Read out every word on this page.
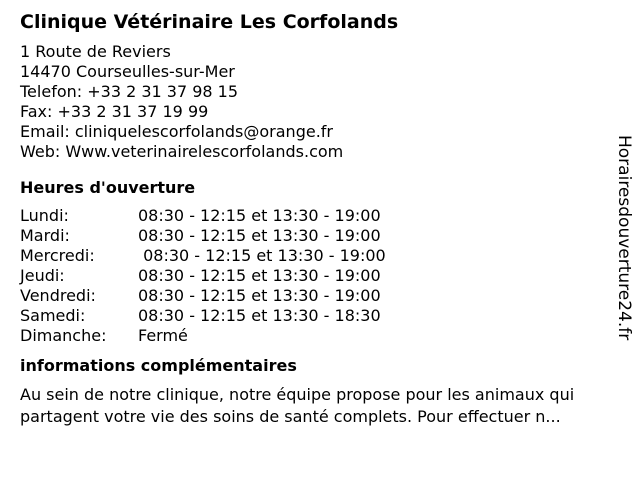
Clinique Vétérinaire Les Corfolands
1 Route de Reviers
14470 Courseulles-sur-Mer
Telefon: +33 2 31 37 98 15
Fax: +33 2 31 37 19 99
Email: cliniquelescorfolands@orange.fr
Web: Www.veterinairelescorfolands.com
Heures d'ouverture
Lundi:	08:30 - 12:15 et 13:30 - 19:00
Mardi:	08:30 - 12:15 et 13:30 - 19:00
Mercredi:	08:30 - 12:15 et 13:30 - 19:00
Jeudi:	08:30 - 12:15 et 13:30 - 19:00
Vendredi:	08:30 - 12:15 et 13:30 - 19:00
Samedi:	08:30 - 12:15 et 13:30 - 18:30
Dimanche:	Fermé
informations complémentaires
Au sein de notre clinique, notre équipe propose pour les animaux qui partagent votre vie des soins de santé complets. Pour effectuer n...
Horairesdouverture24.fr
